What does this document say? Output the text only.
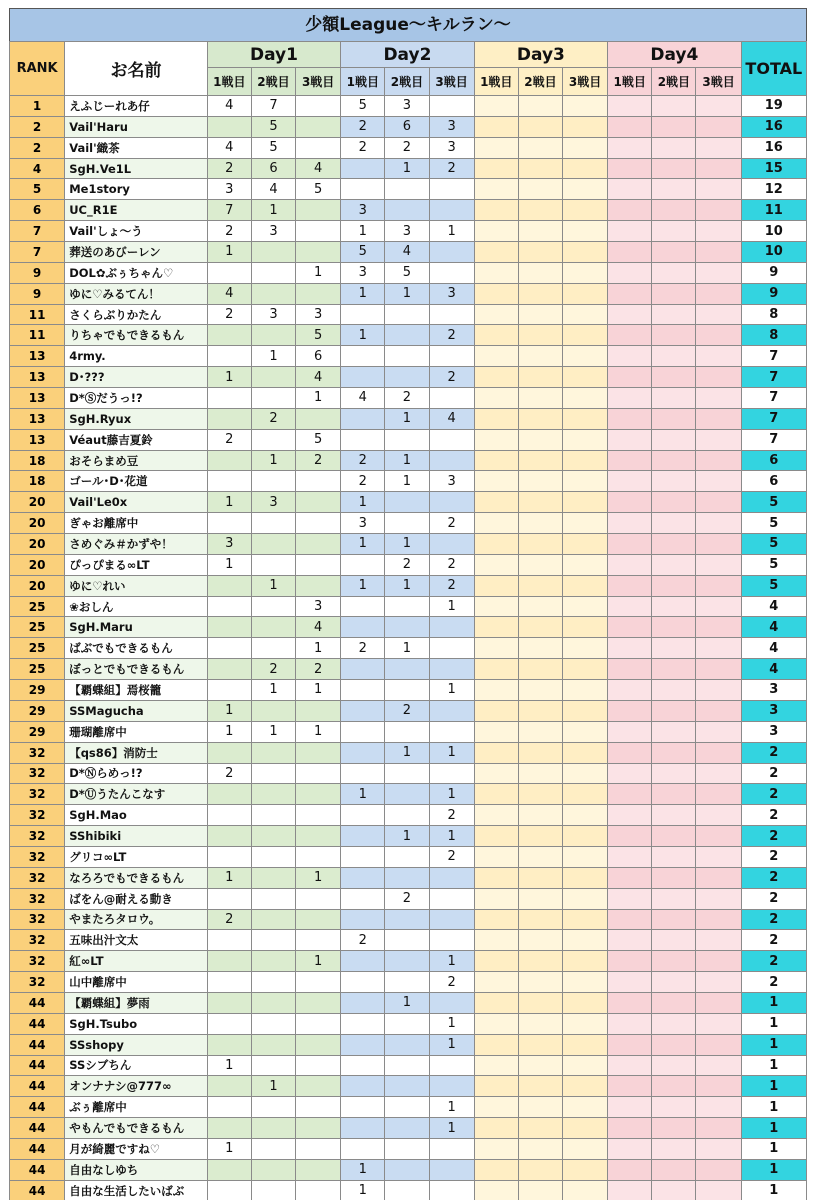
少額League〜キルラン〜
RANK	お名前	Day1			Day2			Day3			Day4			TOTAL
		1戦目	2戦目	3戦目	1戦目	2戦目	3戦目	1戦目	2戦目	3戦目	1戦目	2戦目	3戦目	
1	えふじーれあ仔	4	7		5	3								19
2	Vail'Haru		5		2	6	3							16
2	Vail'織茶	4	5		2	2	3							16
4	SgH.Ve1L	2	6	4		1	2							15
5	Me1story	3	4	5										12
6	UC_R1E	7	1		3									11
7	Vail'しょ〜う	2	3		1	3	1							10
7	葬送のあびーレン	1			5	4								10
9	DOL✿ぶぅちゃん♡			1	3	5								9
9	ゆに♡みるてん！	4			1	1	3							9
11	さくらぶりかたん	2	3	3										8
11	りちゃでもできるもん			5	1		2							8
13	4rmy.		1	6										7
13	D･???	1		4			2							7
13	D*Ⓢだうっ!?			1	4	2								7
13	SgH.Ryux		2			1	4							7
13	Véaut藤吉夏鈴	2		5										7
18	おそらまめ豆		1	2	2	1								6
18	ゴール･D･花道				2	1	3							6
20	Vail'Le0x	1	3		1									5
20	ぎゃお離席中				3		2							5
20	さめぐみ＃かずや！	3			1	1								5
20	ぴっぴまる∞LT	1				2	2							5
20	ゆに♡れい		1		1	1	2							5
25	❀おしん			3			1							4
25	SgH.Maru			4										4
25	ばぶでもできるもん			1	2	1								4
25	ぼっとでもできるもん		2	2										4
29	【覇蝶組】焉桜籠		1	1			1							3
29	SSMagucha	1				2								3
29	珊瑚離席中	1	1	1										3
32	【qs86】消防士					1	1							2
32	D*Ⓝらめっ!?	2												2
32	D*Ⓤうたんこなす				1		1							2
32	SgH.Mao						2							2
32	SShibiki					1	1							2
32	グリコ∞LT						2							2
32	なろろでもできるもん	1		1										2
32	ばをん@耐える動き					2								2
32	やまたろタロウ。	2												2
32	五味出汁文太				2									2
32	紅∞LT			1			1							2
32	山中離席中						2							2
44	【覇蝶組】夢雨					1								1
44	SgH.Tsubo						1							1
44	SSshopy						1							1
44	SSシブちん	1												1
44	オンナナシ@777∞		1											1
44	ぶぅ離席中						1							1
44	やもんでもできるもん						1							1
44	月が綺麗ですね♡	1												1
44	自由なしゆち				1									1
44	自由な生活したいばぶ				1									1
